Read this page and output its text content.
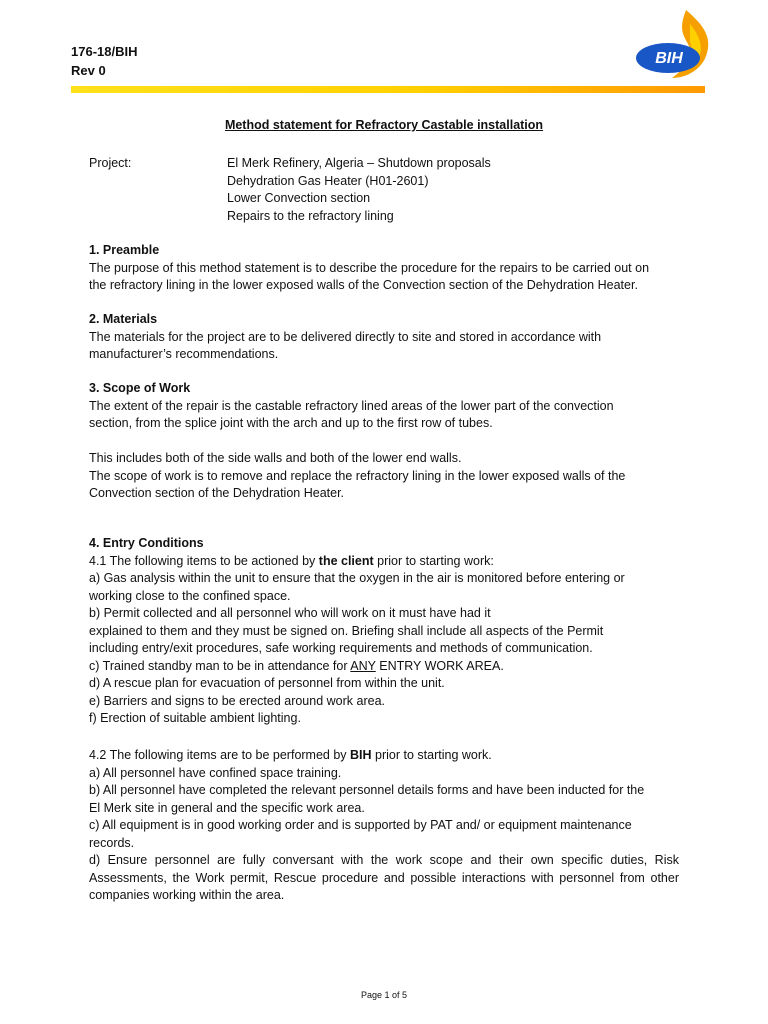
176-18/BIH
Rev 0
BIH
Method statement for Refractory Castable installation
Project:	El Merk Refinery, Algeria – Shutdown proposals
Dehydration Gas Heater (H01-2601)
Lower Convection section
Repairs to the refractory lining
1. Preamble
The purpose of this method statement is to describe the procedure for the repairs to be carried out on
the refractory lining in the lower exposed walls of the Convection section of the Dehydration Heater.
2. Materials
The materials for the project are to be delivered directly to site and stored in accordance with
manufacturer’s recommendations.
3. Scope of Work
The extent of the repair is the castable refractory lined areas of the lower part of the convection
section, from the splice joint with the arch and up to the first row of tubes.
This includes both of the side walls and both of the lower end walls.
The scope of work is to remove and replace the refractory lining in the lower exposed walls of the
Convection section of the Dehydration Heater.
4. Entry Conditions
4.1 The following items to be actioned by the client prior to starting work:
a) Gas analysis within the unit to ensure that the oxygen in the air is monitored before entering or
working close to the confined space.
b) Permit collected and all personnel who will work on it must have had it
explained to them and they must be signed on. Briefing shall include all aspects of the Permit
including entry/exit procedures, safe working requirements and methods of communication.
c) Trained standby man to be in attendance for ANY ENTRY WORK AREA.
d) A rescue plan for evacuation of personnel from within the unit.
e) Barriers and signs to be erected around work area.
f) Erection of suitable ambient lighting.
4.2 The following items are to be performed by BIH prior to starting work.
a) All personnel have confined space training.
b) All personnel have completed the relevant personnel details forms and have been inducted for the
El Merk site in general and the specific work area.
c) All equipment is in good working order and is supported by PAT and/ or equipment maintenance
records.
d) Ensure personnel are fully conversant with the work scope and their own specific duties, Risk
Assessments, the Work permit, Rescue procedure and possible interactions with personnel from other
companies working within the area.
Page 1 of 5
